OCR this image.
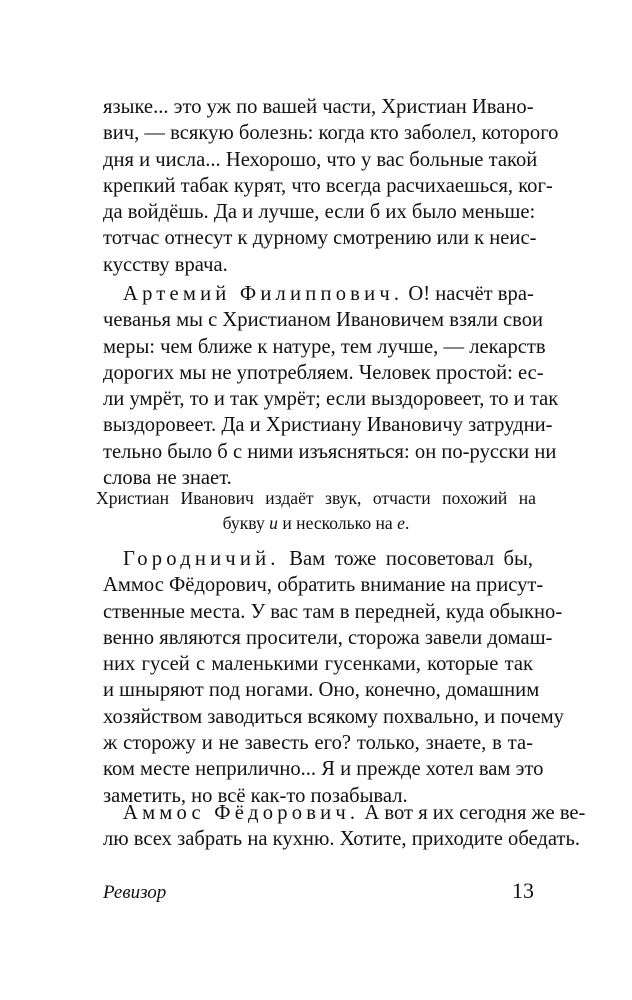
языке... это уж по вашей части, Христиан Ивано-
вич, — всякую болезнь: когда кто заболел, которого
дня и числа... Нехорошо, что у вас больные такой
крепкий табак курят, что всегда расчихаешься, ког-
да войдёшь. Да и лучше, если б их было меньше:
тотчас отнесут к дурному смотрению или к неис-
кусству врача.
Артемий Филиппович. О! насчёт вра-
чеванья мы с Христианом Ивановичем взяли свои
меры: чем ближе к натуре, тем лучше, — лекарств
дорогих мы не употребляем. Человек простой: ес-
ли умрёт, то и так умрёт; если выздоровеет, то и так
выздоровеет. Да и Христиану Ивановичу затрудни-
тельно было б с ними изъясняться: он по-русски ни
слова не знает.
Христиан Иванович издаёт звук, отчасти похожий на
букву и и несколько на е.
Городничий. Вам тоже посоветовал бы,
Аммос Фёдорович, обратить внимание на присут-
ственные места. У вас там в передней, куда обыкно-
венно являются просители, сторожа завели домаш-
них гусей с маленькими гусенками, которые так
и шныряют под ногами. Оно, конечно, домашним
хозяйством заводиться всякому похвально, и почему
ж сторожу и не завесть его? только, знаете, в та-
ком месте неприлично... Я и прежде хотел вам это
заметить, но всё как-то позабывал.
Аммос Фёдорович. А вот я их сегодня же ве-
лю всех забрать на кухню. Хотите, приходите обедать.
Ревизор	13
